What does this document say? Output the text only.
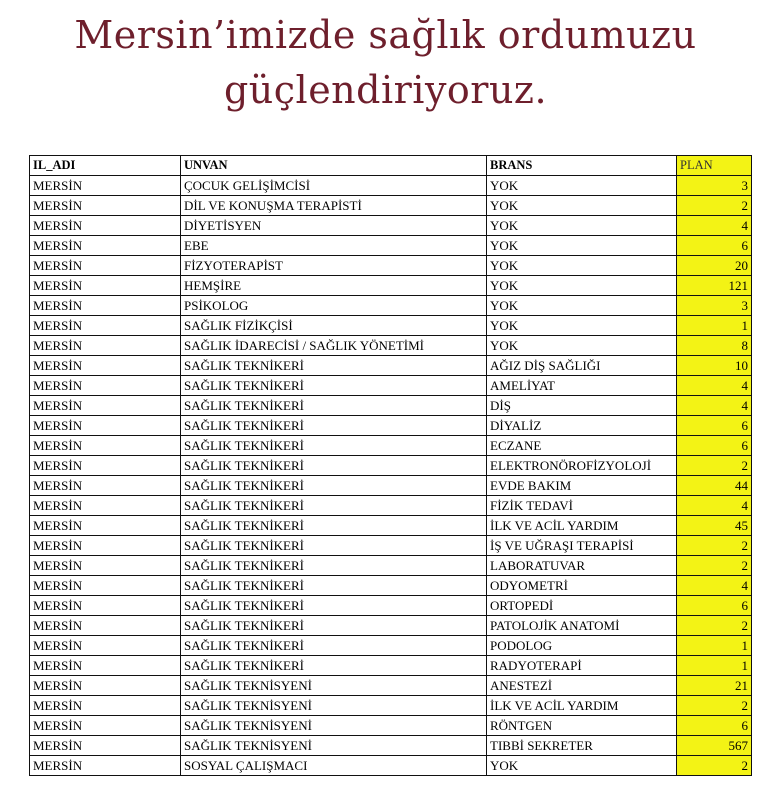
Mersin’imizde sağlık ordumuzu
güçlendiriyoruz.
IL_ADI	UNVAN	BRANS	PLAN
MERSİN	ÇOCUK GELİŞİMCİSİ	YOK	3
MERSİN	DİL VE KONUŞMA TERAPİSTİ	YOK	2
MERSİN	DİYETİSYEN	YOK	4
MERSİN	EBE	YOK	6
MERSİN	FİZYOTERAPİST	YOK	20
MERSİN	HEMŞİRE	YOK	121
MERSİN	PSİKOLOG	YOK	3
MERSİN	SAĞLIK FİZİKÇİSİ	YOK	1
MERSİN	SAĞLIK İDARECİSİ / SAĞLIK YÖNETİMİ	YOK	8
MERSİN	SAĞLIK TEKNİKERİ	AĞIZ DİŞ SAĞLIĞI	10
MERSİN	SAĞLIK TEKNİKERİ	AMELİYAT	4
MERSİN	SAĞLIK TEKNİKERİ	DİŞ	4
MERSİN	SAĞLIK TEKNİKERİ	DİYALİZ	6
MERSİN	SAĞLIK TEKNİKERİ	ECZANE	6
MERSİN	SAĞLIK TEKNİKERİ	ELEKTRONÖROFİZYOLOJİ	2
MERSİN	SAĞLIK TEKNİKERİ	EVDE BAKIM	44
MERSİN	SAĞLIK TEKNİKERİ	FİZİK TEDAVİ	4
MERSİN	SAĞLIK TEKNİKERİ	İLK VE ACİL YARDIM	45
MERSİN	SAĞLIK TEKNİKERİ	İŞ VE UĞRAŞI TERAPİSİ	2
MERSİN	SAĞLIK TEKNİKERİ	LABORATUVAR	2
MERSİN	SAĞLIK TEKNİKERİ	ODYOMETRİ	4
MERSİN	SAĞLIK TEKNİKERİ	ORTOPEDİ	6
MERSİN	SAĞLIK TEKNİKERİ	PATOLOJİK ANATOMİ	2
MERSİN	SAĞLIK TEKNİKERİ	PODOLOG	1
MERSİN	SAĞLIK TEKNİKERİ	RADYOTERAPİ	1
MERSİN	SAĞLIK TEKNİSYENİ	ANESTEZİ	21
MERSİN	SAĞLIK TEKNİSYENİ	İLK VE ACİL YARDIM	2
MERSİN	SAĞLIK TEKNİSYENİ	RÖNTGEN	6
MERSİN	SAĞLIK TEKNİSYENİ	TIBBİ SEKRETER	567
MERSİN	SOSYAL ÇALIŞMACI	YOK	2
